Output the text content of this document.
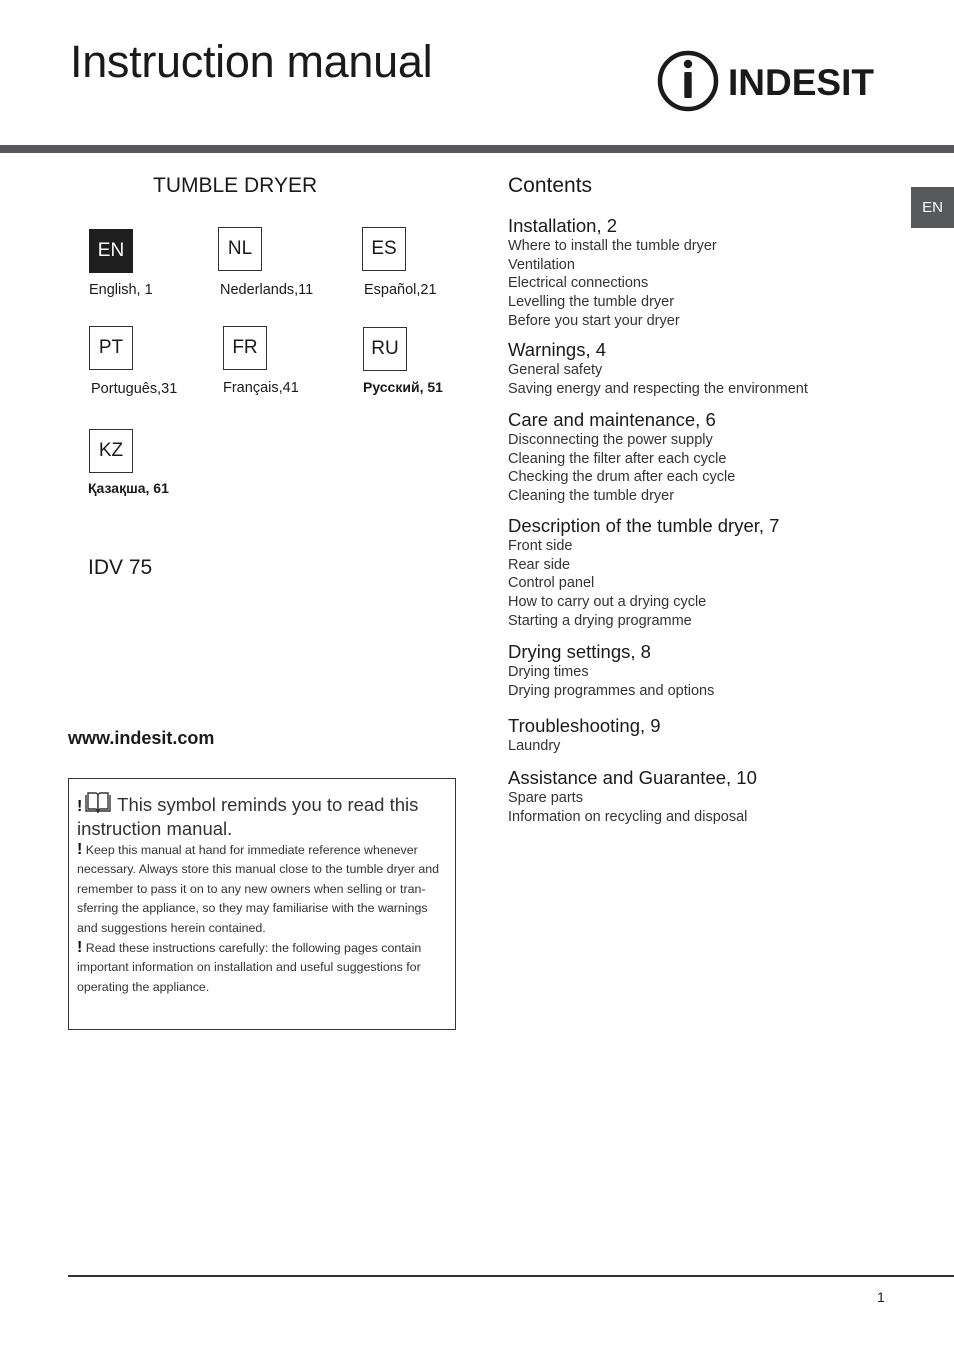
Instruction manual	INDESIT
EN
TUMBLE DRYER
EN
English, 1
NL
Nederlands,11
ES
Español,21
PT
Português,31
FR
Français,41
RU
Русский, 51
KZ
Қазақша, 61
IDV 75
www.indesit.com
! This symbol reminds you to read this instruction manual.
! Keep this manual at hand for immediate reference whenever necessary. Always store this manual close to the tumble dryer and remember to pass it on to any new owners when selling or tran-sferring the appliance, so they may familiarise with the warnings and suggestions herein contained.
! Read these instructions carefully: the following pages contain important information on installation and useful suggestions for operating the appliance.
Contents
Installation, 2
Where to install the tumble dryer
Ventilation
Electrical connections
Levelling the tumble dryer
Before you start your dryer
Warnings, 4
General safety
Saving energy and respecting the environment
Care and maintenance, 6
Disconnecting the power supply
Cleaning the filter after each cycle
Checking the drum after each cycle
Cleaning the tumble dryer
Description of the tumble dryer, 7
Front side
Rear side
Control panel
How to carry out a drying cycle
Starting a drying programme
Drying settings, 8
Drying times
Drying programmes and options
Troubleshooting, 9
Laundry
Assistance and Guarantee, 10
Spare parts
Information on recycling and disposal
1
